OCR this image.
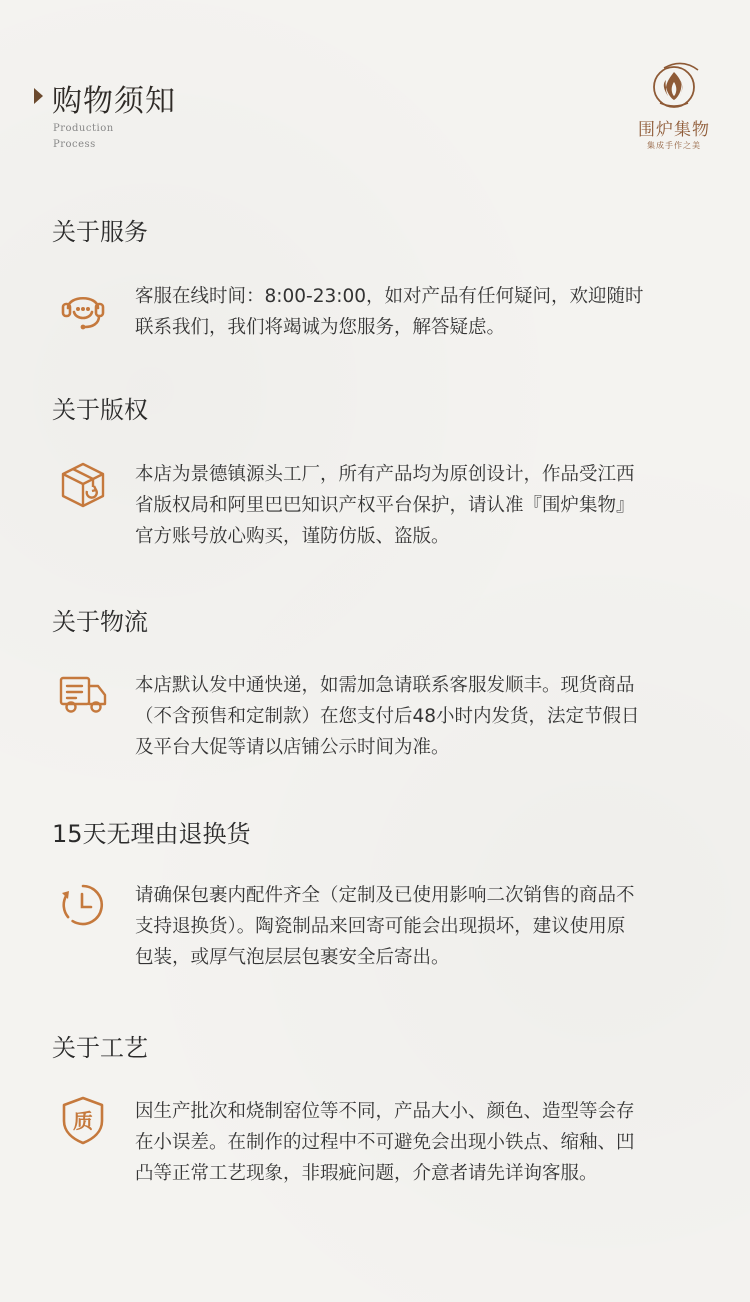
购物须知
Production
Process
围炉集物
集成手作之美
关于服务
客服在线时间：8:00-23:00，如对产品有任何疑问，欢迎随时
联系我们，我们将竭诚为您服务，解答疑虑。
关于版权
本店为景德镇源头工厂，所有产品均为原创设计，作品受江西
省版权局和阿里巴巴知识产权平台保护，请认准『围炉集物』
官方账号放心购买，谨防仿版、盗版。
关于物流
本店默认发中通快递，如需加急请联系客服发顺丰。现货商品
（不含预售和定制款）在您支付后48小时内发货，法定节假日
及平台大促等请以店铺公示时间为准。
15天无理由退换货
请确保包裹内配件齐全（定制及已使用影响二次销售的商品不
支持退换货）。陶瓷制品来回寄可能会出现损坏，建议使用原
包装，或厚气泡层层包裹安全后寄出。
关于工艺
质 因生产批次和烧制窑位等不同，产品大小、颜色、造型等会存
在小误差。在制作的过程中不可避免会出现小铁点、缩釉、凹
凸等正常工艺现象，非瑕疵问题，介意者请先详询客服。
